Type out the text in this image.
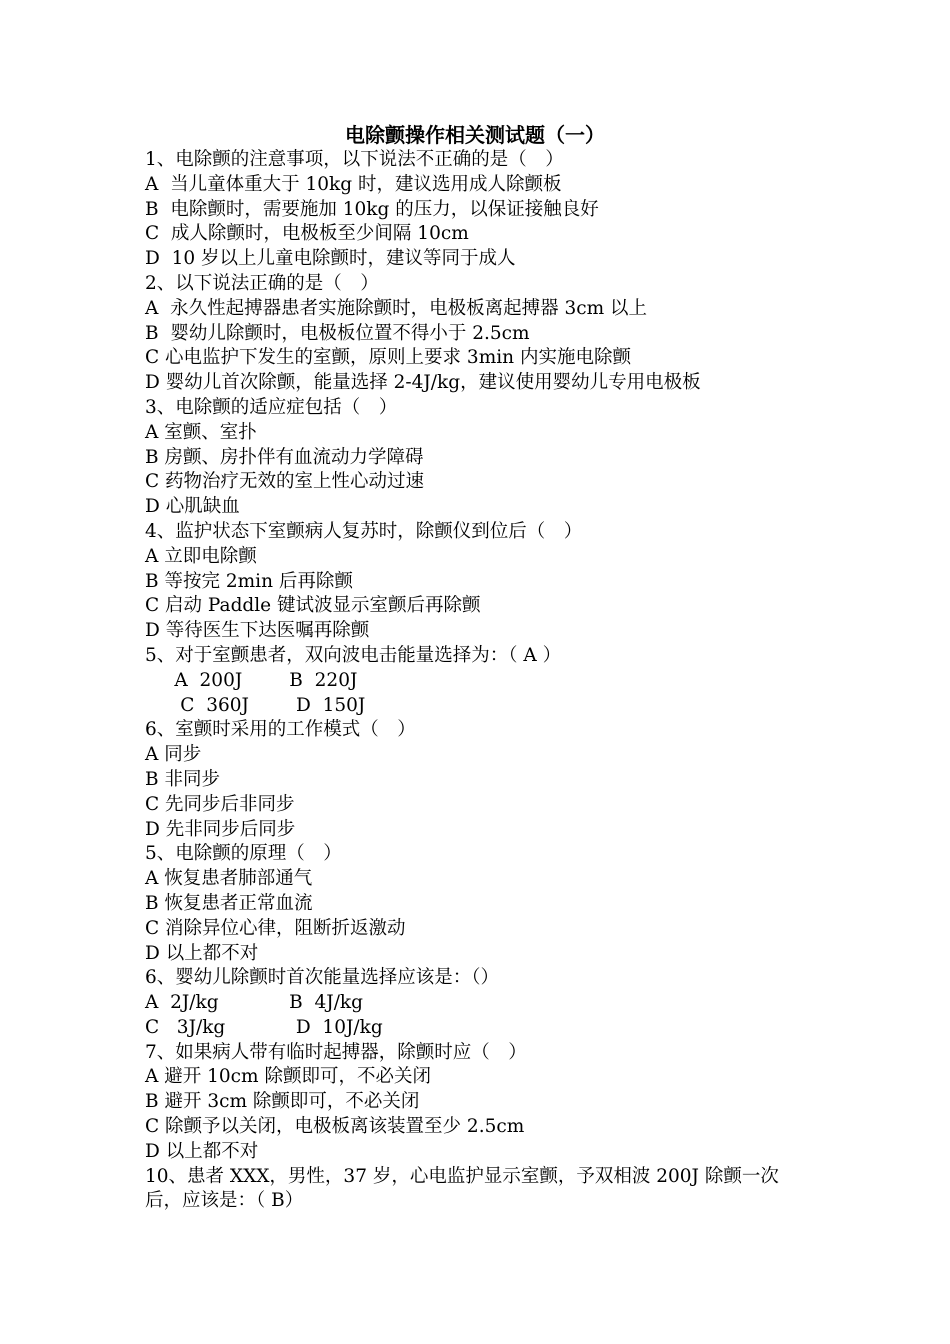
电除颤操作相关测试题（一）
1、电除颤的注意事项，以下说法不正确的是（　）
A  当儿童体重大于 10kg 时，建议选用成人除颤板
B  电除颤时，需要施加 10kg 的压力，以保证接触良好
C  成人除颤时，电极板至少间隔 10cm
D  10 岁以上儿童电除颤时，建议等同于成人
2、以下说法正确的是（　）
A  永久性起搏器患者实施除颤时，电极板离起搏器 3cm 以上
B  婴幼儿除颤时，电极板位置不得小于 2.5cm
C 心电监护下发生的室颤，原则上要求 3min 内实施电除颤
D 婴幼儿首次除颤，能量选择 2-4J/kg，建议使用婴幼儿专用电极板
3、电除颤的适应症包括（　）
A 室颤、室扑
B 房颤、房扑伴有血流动力学障碍
C 药物治疗无效的室上性心动过速
D 心肌缺血
4、监护状态下室颤病人复苏时，除颤仪到位后（　）
A 立即电除颤
B 等按完 2min 后再除颤
C 启动 Paddle 键试波显示室颤后再除颤
D 等待医生下达医嘱再除颤
5、对于室颤患者，双向波电击能量选择为：（ A ）
A  200J        B  220J
C  360J        D  150J
6、室颤时采用的工作模式（　）
A 同步
B 非同步
C 先同步后非同步
D 先非同步后同步
5、电除颤的原理（　）
A 恢复患者肺部通气
B 恢复患者正常血流
C 消除异位心律，阻断折返激动
D 以上都不对
6、婴幼儿除颤时首次能量选择应该是：（）
A  2J/kg            B  4J/kg
C   3J/kg            D  10J/kg
7、如果病人带有临时起搏器，除颤时应（　）
A 避开 10cm 除颤即可，不必关闭
B 避开 3cm 除颤即可，不必关闭
C 除颤予以关闭，电极板离该装置至少 2.5cm
D 以上都不对
10、患者 XXX，男性，37 岁，心电监护显示室颤，予双相波 200J 除颤一次后，应该是：（ B）
